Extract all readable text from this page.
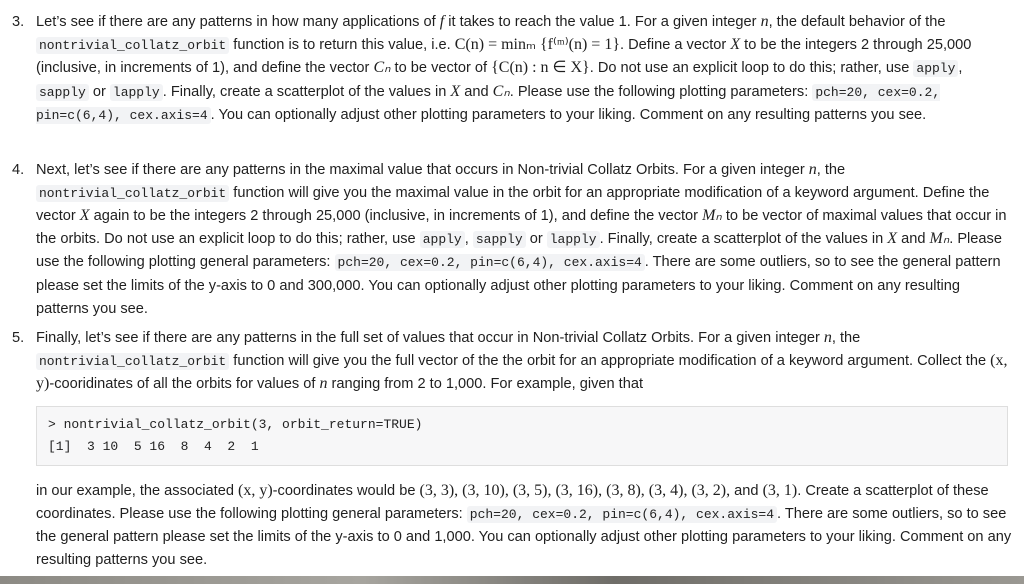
3. Let’s see if there are any patterns in how many applications of f it takes to reach the value 1. For a given integer n, the default behavior of the nontrivial_collatz_orbit function is to return this value, i.e. C(n) = minₘ {f⁽ᵐ⁾(n) = 1}. Define a vector X to be the integers 2 through 25,000 (inclusive, in increments of 1), and define the vector Cₙ to be vector of {C(n) : n ∈ X}. Do not use an explicit loop to do this; rather, use apply , sapply or lapply . Finally, create a scatterplot of the values in X and Cₙ. Please use the following plotting parameters: pch=20, cex=0.2, pin=c(6,4), cex.axis=4 . You can optionally adjust other plotting parameters to your liking. Comment on any resulting patterns you see.
4. Next, let’s see if there are any patterns in the maximal value that occurs in Non-trivial Collatz Orbits. For a given integer n, the nontrivial_collatz_orbit function will give you the maximal value in the orbit for an appropriate modification of a keyword argument. Define the vector X again to be the integers 2 through 25,000 (inclusive, in increments of 1), and define the vector Mₙ to be vector of maximal values that occur in the orbits. Do not use an explicit loop to do this; rather, use apply , sapply or lapply . Finally, create a scatterplot of the values in X and Mₙ. Please use the following plotting general parameters: pch=20, cex=0.2, pin=c(6,4), cex.axis=4 . There are some outliers, so to see the general pattern please set the limits of the y-axis to 0 and 300,000. You can optionally adjust other plotting parameters to your liking. Comment on any resulting patterns you see.
5. Finally, let’s see if there are any patterns in the full set of values that occur in Non-trivial Collatz Orbits. For a given integer n, the nontrivial_collatz_orbit function will give you the full vector of the the orbit for an appropriate modification of a keyword argument. Collect the (x, y)-cooridinates of all the orbits for values of n ranging from 2 to 1,000. For example, given that
> nontrivial_collatz_orbit(3, orbit_return=TRUE)
[1]  3 10  5 16  8  4  2  1
in our example, the associated (x, y)-coordinates would be (3, 3), (3, 10), (3, 5), (3, 16), (3, 8), (3, 4), (3, 2), and (3, 1). Create a scatterplot of these coordinates. Please use the following plotting general parameters: pch=20, cex=0.2, pin=c(6,4), cex.axis=4 . There are some outliers, so to see the general pattern please set the limits of the y-axis to 0 and 1,000. You can optionally adjust other plotting parameters to your liking. Comment on any resulting patterns you see.
